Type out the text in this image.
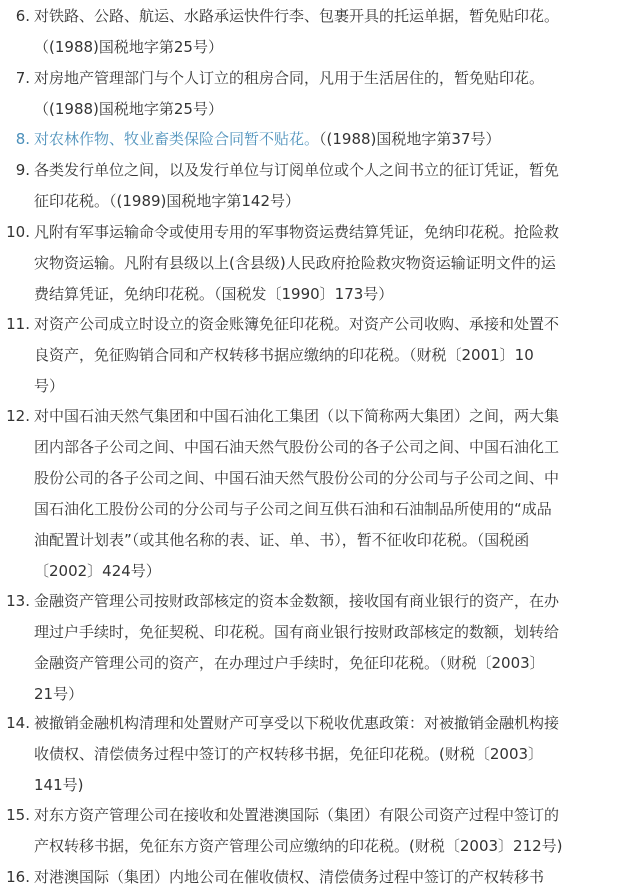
6. 对铁路、公路、航运、水路承运快件行李、包裹开具的托运单据，暂免贴印花。
（(1988)国税地字第25号）
7. 对房地产管理部门与个人订立的租房合同，凡用于生活居住的，暂免贴印花。
（(1988)国税地字第25号）
8. 对农林作物、牧业畜类保险合同暂不贴花。（(1988)国税地字第37号）
9. 各类发行单位之间，以及发行单位与订阅单位或个人之间书立的征订凭证，暂免
征印花税。（(1989)国税地字第142号）
10. 凡附有军事运输命令或使用专用的军事物资运费结算凭证，免纳印花税。抢险救
灾物资运输。凡附有县级以上(含县级)人民政府抢险救灾物资运输证明文件的运
费结算凭证，免纳印花税。（国税发〔1990〕173号）
11. 对资产公司成立时设立的资金账簿免征印花税。对资产公司收购、承接和处置不
良资产，免征购销合同和产权转移书据应缴纳的印花税。（财税〔2001〕10
号）
12. 对中国石油天然气集团和中国石油化工集团（以下简称两大集团）之间，两大集
团内部各子公司之间、中国石油天然气股份公司的各子公司之间、中国石油化工
股份公司的各子公司之间、中国石油天然气股份公司的分公司与子公司之间、中
国石油化工股份公司的分公司与子公司之间互供石油和石油制品所使用的“成品
油配置计划表”（或其他名称的表、证、单、书），暂不征收印花税。（国税函
〔2002〕424号）
13. 金融资产管理公司按财政部核定的资本金数额，接收国有商业银行的资产，在办
理过户手续时，免征契税、印花税。国有商业银行按财政部核定的数额，划转给
金融资产管理公司的资产，在办理过户手续时，免征印花税。（财税〔2003〕
21号）
14. 被撤销金融机构清理和处置财产可享受以下税收优惠政策：对被撤销金融机构接
收债权、清偿债务过程中签订的产权转移书据，免征印花税。(财税〔2003〕
141号)
15. 对东方资产管理公司在接收和处置港澳国际（集团）有限公司资产过程中签订的
产权转移书据，免征东方资产管理公司应缴纳的印花税。(财税〔2003〕212号)
16. 对港澳国际（集团）内地公司在催收债权、清偿债务过程中签订的产权转移书
